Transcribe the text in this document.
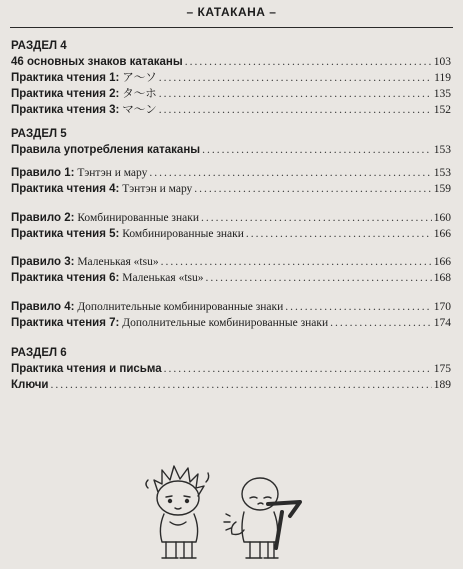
– КАТАКАНА –
РАЗДЕЛ 4
46 основных знаков катаканы .....	103
Практика чтения 1: ア～ソ .....	119
Практика чтения 2: タ～ホ .....	135
Практика чтения 3: マ～ン .....	152
РАЗДЕЛ 5
Правила употребления катаканы .....	153
Правило 1: Тэнтэн и мару .....	153
Практика чтения 4: Тэнтэн и мару .....	159
Правило 2: Комбинированные знаки .....	160
Практика чтения 5: Комбинированные знаки .....	166
Правило 3: Маленькая «tsu» .....	166
Практика чтения 6: Маленькая «tsu» .....	168
Правило 4: Дополнительные комбинированные знаки .....	170
Практика чтения 7: Дополнительные комбинированные знаки .....	174
РАЗДЕЛ 6
Практика чтения и письма .....	175
Ключи .....	189
